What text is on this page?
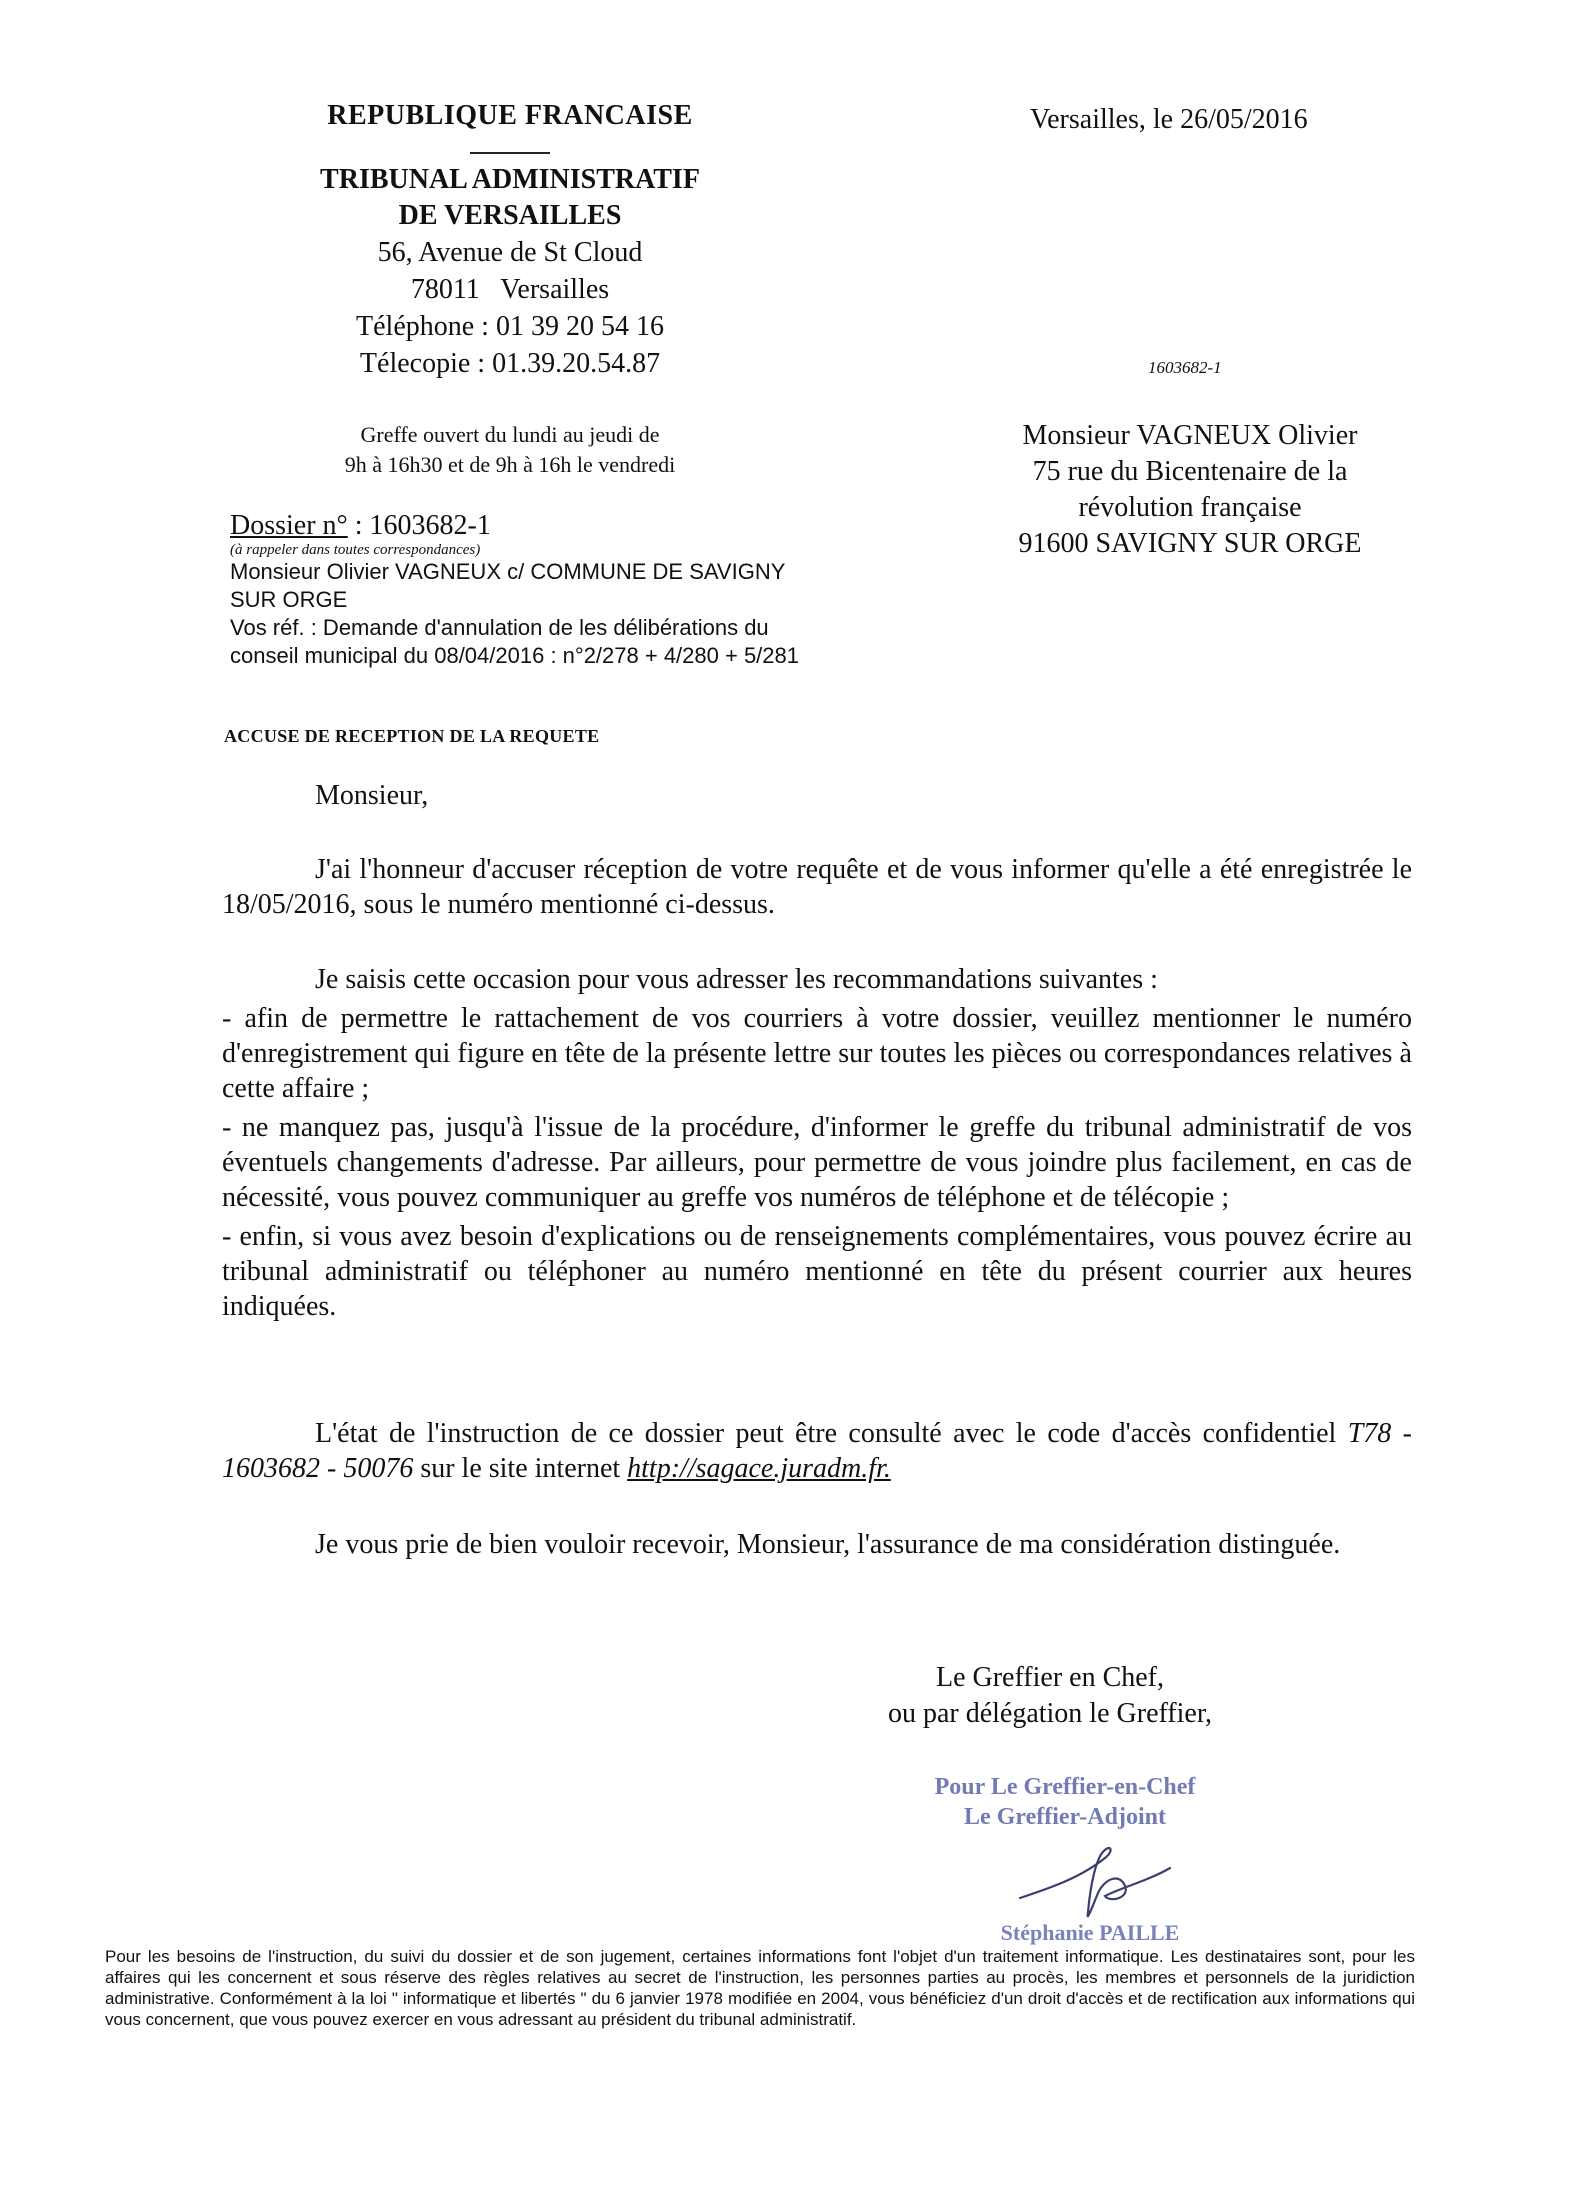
REPUBLIQUE FRANCAISE
TRIBUNAL ADMINISTRATIF
DE VERSAILLES
56, Avenue de St Cloud
78011   Versailles
Téléphone : 01 39 20 54 16
Télecopie : 01.39.20.54.87
Greffe ouvert du lundi au jeudi de
9h à 16h30 et de 9h à 16h le vendredi
Versailles, le 26/05/2016
1603682-1
Monsieur VAGNEUX Olivier
75 rue du Bicentenaire de la
révolution française
91600 SAVIGNY SUR ORGE
Dossier n° : 1603682-1
(à rappeler dans toutes correspondances)
Monsieur Olivier VAGNEUX c/ COMMUNE DE SAVIGNY SUR ORGE
Vos réf. : Demande d'annulation de les délibérations du conseil municipal du 08/04/2016 : n°2/278 + 4/280 + 5/281
ACCUSE DE RECEPTION DE LA REQUETE
Monsieur,
J'ai l'honneur d'accuser réception de votre requête et de vous informer qu'elle a été enregistrée le 18/05/2016, sous le numéro mentionné ci-dessus.
Je saisis cette occasion pour vous adresser les recommandations suivantes :
- afin de permettre le rattachement de vos courriers à votre dossier, veuillez mentionner le numéro d'enregistrement qui figure en tête de la présente lettre sur toutes les pièces ou correspondances relatives à cette affaire ;
- ne manquez pas, jusqu'à l'issue de la procédure, d'informer le greffe du tribunal administratif de vos éventuels changements d'adresse. Par ailleurs, pour permettre de vous joindre plus facilement, en cas de nécessité, vous pouvez communiquer au greffe vos numéros de téléphone et de télécopie ;
- enfin, si vous avez besoin d'explications ou de renseignements complémentaires, vous pouvez écrire au tribunal administratif ou téléphoner au numéro mentionné en tête du présent courrier aux heures indiquées.
L'état de l'instruction de ce dossier peut être consulté avec le code d'accès confidentiel T78 - 1603682 - 50076 sur le site internet http://sagace.juradm.fr.
Je vous prie de bien vouloir recevoir, Monsieur, l'assurance de ma considération distinguée.
Le Greffier en Chef,
ou par délégation le Greffier,
Pour Le Greffier-en-Chef
Le Greffier-Adjoint
Stéphanie PAILLE
Pour les besoins de l'instruction, du suivi du dossier et de son jugement, certaines informations font l'objet d'un traitement informatique. Les destinataires sont, pour les affaires qui les concernent et sous réserve des règles relatives au secret de l'instruction, les personnes parties au procès, les membres et personnels de la juridiction administrative. Conformément à la loi " informatique et libertés " du 6 janvier 1978 modifiée en 2004, vous bénéficiez d'un droit d'accès et de rectification aux informations qui vous concernent, que vous pouvez exercer en vous adressant au président du tribunal administratif.
